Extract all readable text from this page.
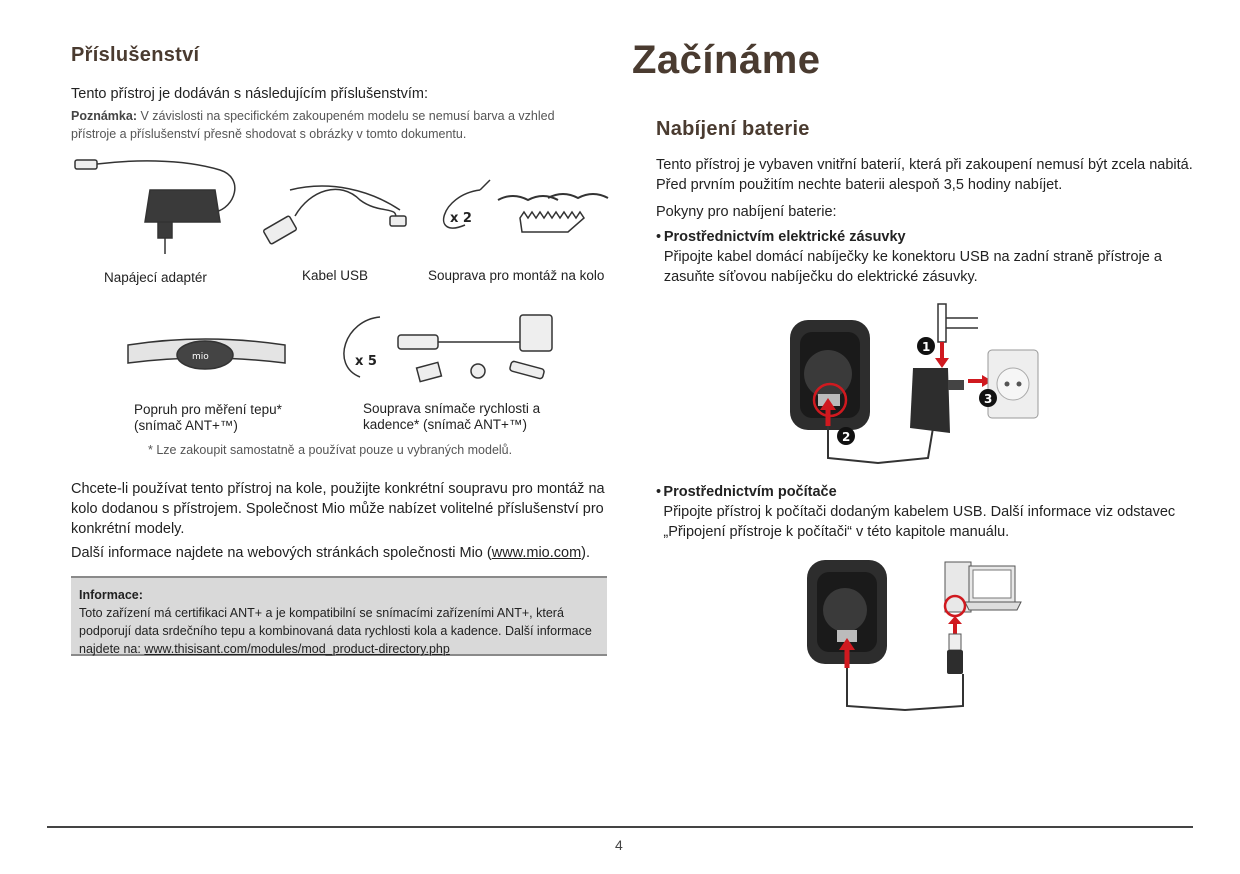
Příslušenství
Tento přístroj je dodáván s následujícím příslušenstvím:
Poznámka: V závislosti na specifickém zakoupeném modelu se nemusí barva a vzhled přístroje a příslušenství přesně shodovat s obrázky v tomto dokumentu.
x 2
Napájecí adaptér	Kabel USB	Souprava pro montáž na kolo
mio	x 5
Popruh pro měření tepu*
(snímač ANT+™)
Souprava snímače rychlosti a
kadence* (snímač ANT+™)
* Lze zakoupit samostatně a používat pouze u vybraných modelů.
Chcete-li používat tento přístroj na kole, použijte konkrétní soupravu pro montáž na kolo dodanou s přístrojem. Společnost Mio může nabízet volitelné příslušenství pro konkrétní modely.
Další informace najdete na webových stránkách společnosti Mio (www.mio.com).
Informace:
Toto zařízení má certifikaci ANT+ a je kompatibilní se snímacími zařízeními ANT+, která podporují data srdečního tepu a kombinovaná data rychlosti kola a kadence. Další informace najdete na: www.thisisant.com/modules/mod_product-directory.php
Začínáme
Nabíjení baterie
Tento přístroj je vybaven vnitřní baterií, která při zakoupení nemusí být zcela nabitá. Před prvním použitím nechte baterii alespoň 3,5 hodiny nabíjet.
Pokyny pro nabíjení baterie:
• Prostřednictvím elektrické zásuvky
Připojte kabel domácí nabíječky ke konektoru USB na zadní straně přístroje a zasuňte síťovou nabíječku do elektrické zásuvky.
1
2
3
• Prostřednictvím počítače
Připojte přístroj k počítači dodaným kabelem USB. Další informace viz odstavec „Připojení přístroje k počítači“ v této kapitole manuálu.
4
